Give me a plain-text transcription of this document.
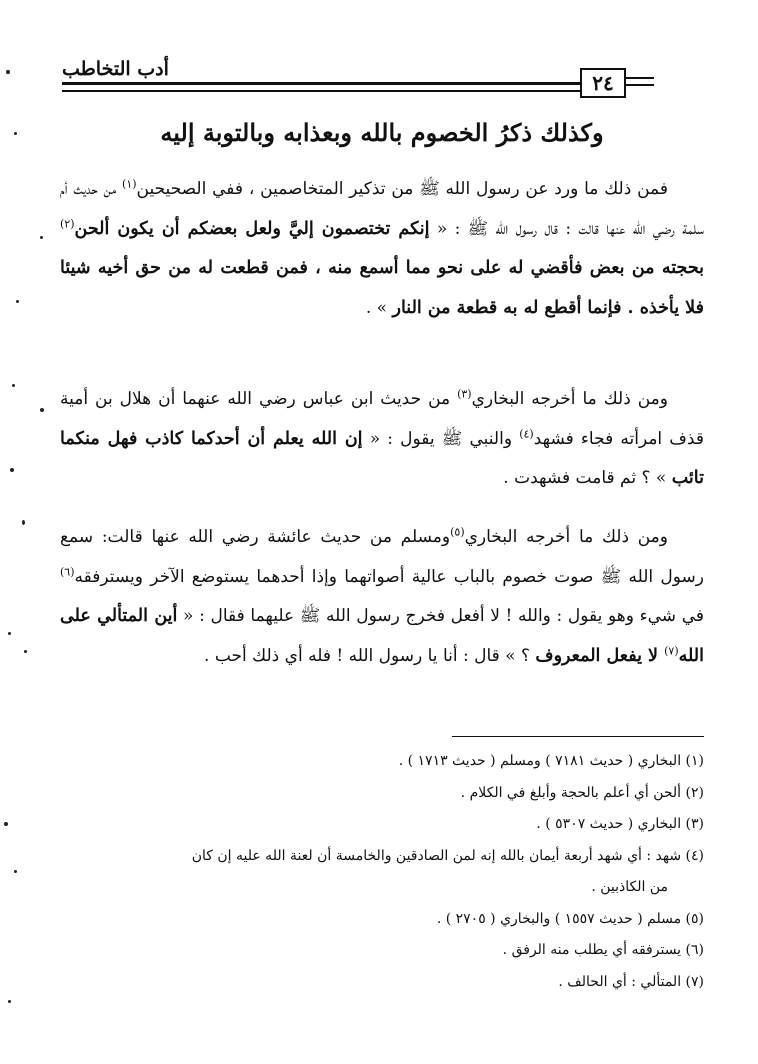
أدب التخاطب
٢٤
وكذلك ذكرُ الخصوم بالله وبعذابه وبالتوبة إليه
فمن ذلك ما ورد عن رسول الله ﷺ من تذكير المتخاصمين ، ففي الصحيحين$^{(١)}$ من حديث أم سلمة رضي الله عنها قالت : قال رسول الله ﷺ : « إنكم تختصمون إليَّ ولعل بعضكم أن يكون ألحن$^{(٢)}$ بحجته من بعض فأقضي له على نحو مما أسمع منه ، فمن قطعت له من حق أخيه شيئا فلا يأخذه . فإنما أقطع له به قطعة من النار » .
ومن ذلك ما أخرجه البخاري$^{(٣)}$ من حديث ابن عباس رضي الله عنهما أن هلال بن أمية قذف امرأته فجاء فشهد$^{(٤)}$ والنبي ﷺ يقول : « إن الله يعلم أن أحدكما كاذب فهل منكما تائب » ؟ ثم قامت فشهدت .
ومن ذلك ما أخرجه البخاري$^{(٥)}$ومسلم من حديث عائشة رضي الله عنها قالت: سمع رسول الله ﷺ صوت خصوم بالباب عالية أصواتهما وإذا أحدهما يستوضع الآخر ويسترفقه$^{(٦)}$ في شيء وهو يقول : والله ! لا أفعل فخرج رسول الله ﷺ عليهما فقال : « أين المتألي على الله$^{(٧)}$ لا يفعل المعروف ؟ » قال : أنا يا رسول الله ! فله أي ذلك أحب .

(١) البخاري ( حديث ٧١٨١ ) ومسلم ( حديث ١٧١٣ ) .

(٢) ألحن أي أعلم بالحجة وأبلغ في الكلام .

(٣) البخاري ( حديث ٥٣٠٧ ) .

(٤) شهد : أي شهد أربعة أيمان بالله إنه لمن الصادقين والخامسة أن لعنة الله عليه إن كان

من الكاذبين .

(٥) مسلم ( حديث ١٥٥٧ ) والبخاري ( ٢٧٠٥ ) .

(٦) يسترفقه أي يطلب منه الرفق .

(٧) المتألي : أي الحالف .
